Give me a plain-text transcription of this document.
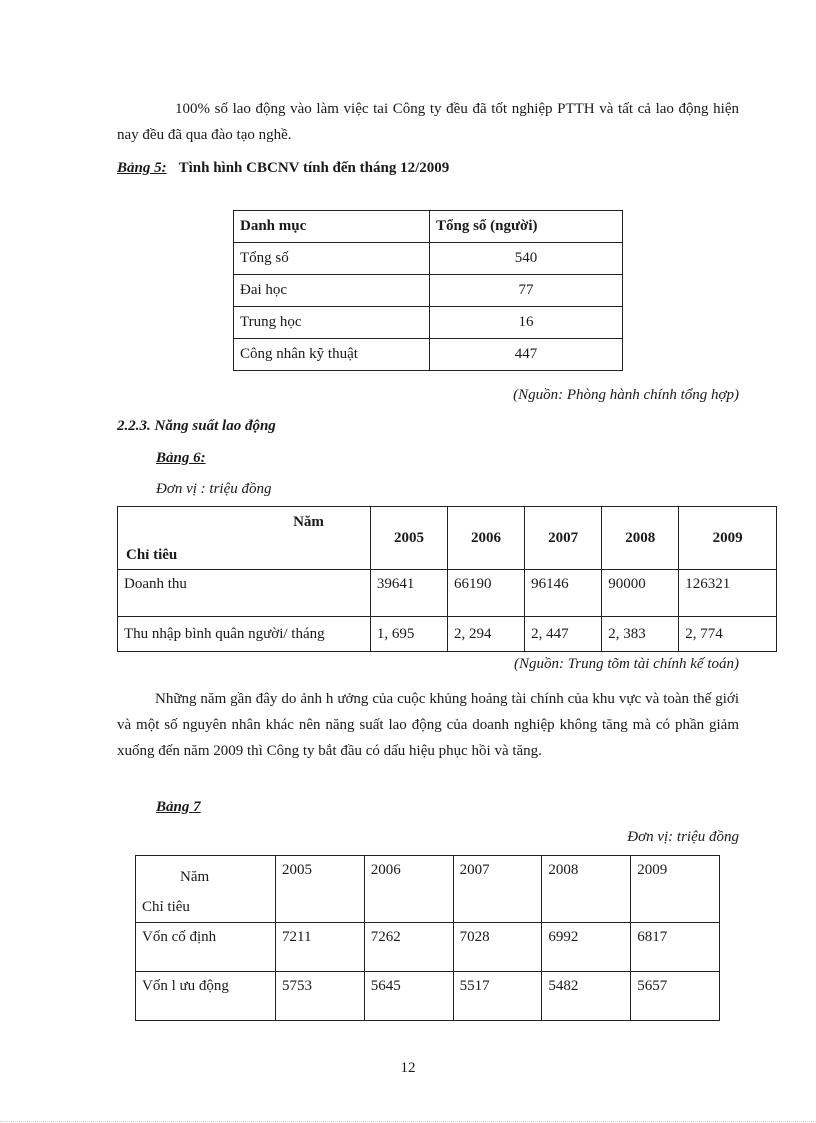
100% số lao động vào làm việc tai Công ty đều đã tốt nghiệp PTTH và tất cả lao động hiện nay đều đã qua đào tạo nghề.
Bảng 5: Tình hình CBCNV tính đến tháng 12/2009
Danh mục	Tổng số (người)
Tổng số	540
Đai học	77
Trung học	16
Công nhân kỹ thuật	447
(Nguồn: Phòng hành chính tổng hợp)
2.2.3. Năng suất lao động
Bảng 6:
Đơn vị : triệu đồng
Năm
Chỉ tiêu	2005	2006	2007	2008	2009
Doanh thu	39641	66190	96146	90000	126321
Thu nhập bình quân người/ tháng	1, 695	2, 294	2, 447	2, 383	2, 774
(Nguồn: Trung tõm tài chính kế toán)
Những năm gần đây do ảnh h ưởng của cuộc khủng hoảng tài chính của khu vực và toàn thế giới và một số nguyên nhân khác nên năng suất lao động của doanh nghiệp không tăng mà có phần giảm xuống đến năm 2009 thì Công ty bắt đầu có dấu hiệu phục hồi và tăng.
Bảng 7
Đơn vị: triệu đồng
Năm
Chỉ tiêu	2005	2006	2007	2008	2009
Vốn cố định	7211	7262	7028	6992	6817
Vốn l ưu động	5753	5645	5517	5482	5657
12
